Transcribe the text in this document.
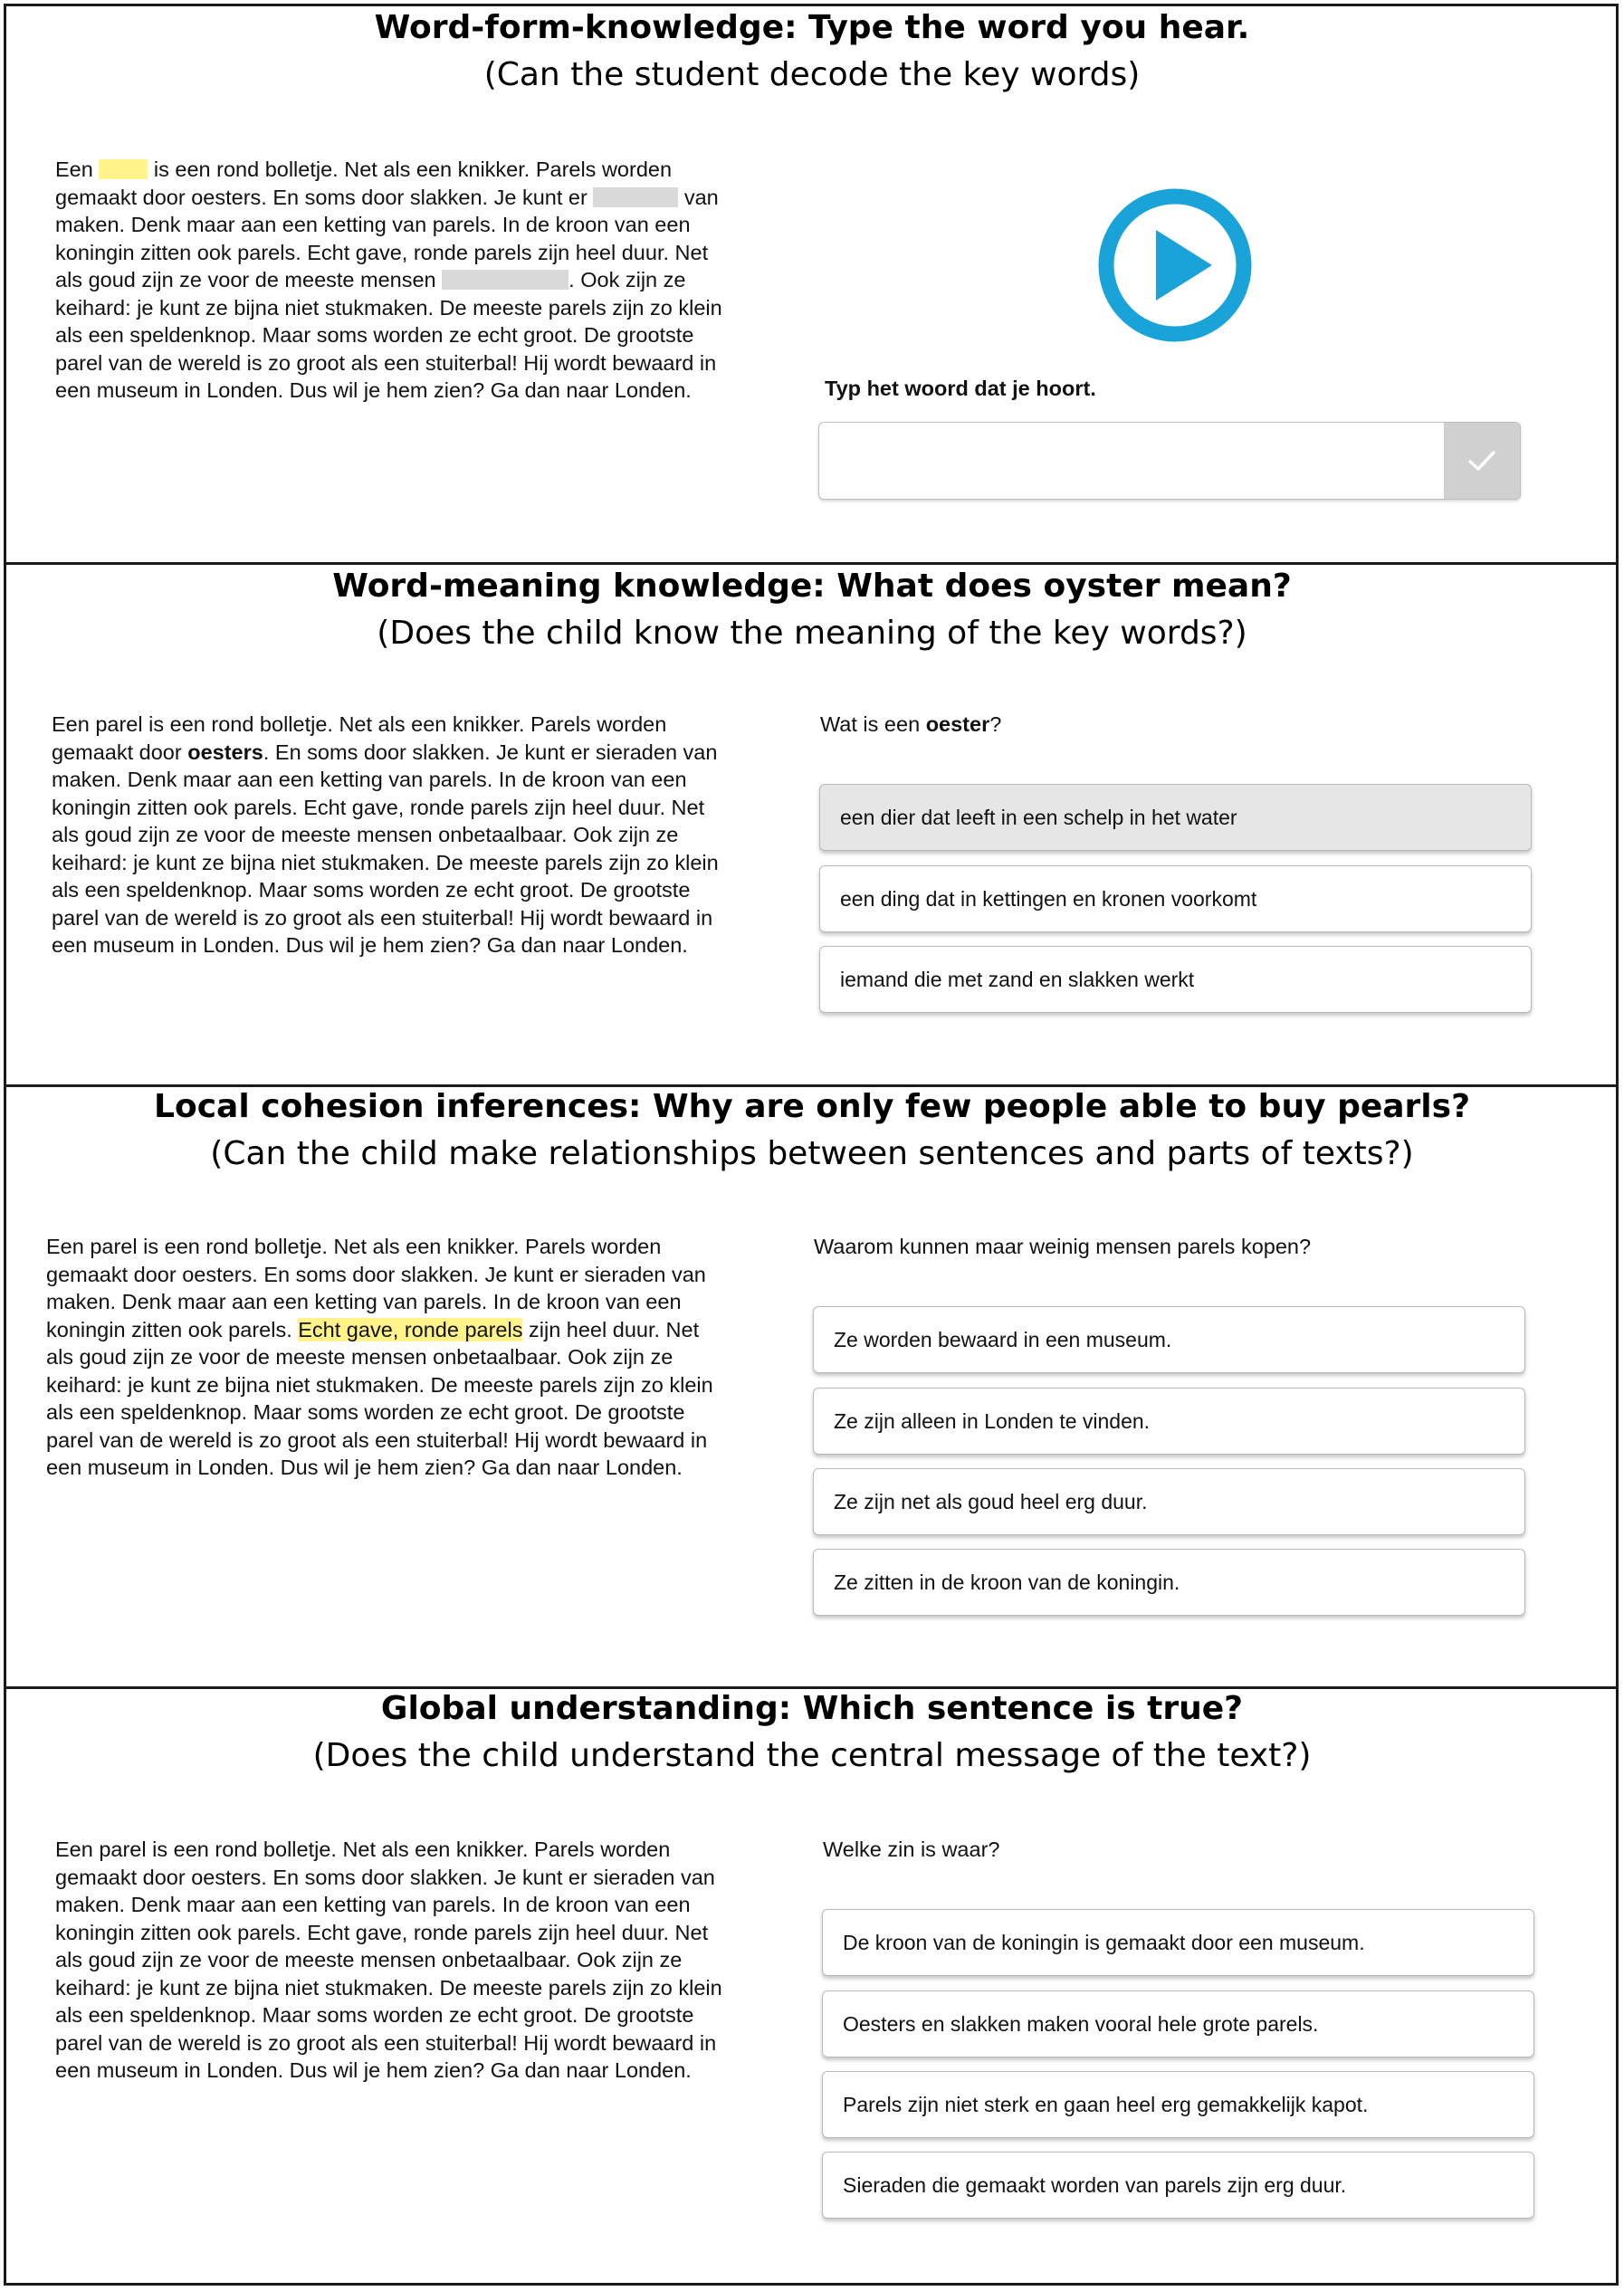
Word-form-knowledge: Type the word you hear.
(Can the student decode the key words)
Een	is een rond bolletje. Net als een knikker. Parels worden
gemaakt door oesters. En soms door slakken. Je kunt er	van
maken. Denk maar aan een ketting van parels. In de kroon van een
koningin zitten ook parels. Echt gave, ronde parels zijn heel duur. Net
als goud zijn ze voor de meeste mensen	. Ook zijn ze
keihard: je kunt ze bijna niet stukmaken. De meeste parels zijn zo klein
als een speldenknop. Maar soms worden ze echt groot. De grootste
parel van de wereld is zo groot als een stuiterbal! Hij wordt bewaard in
een museum in Londen. Dus wil je hem zien? Ga dan naar Londen.	Typ het woord dat je hoort.
Word-meaning knowledge: What does oyster mean?
(Does the child know the meaning of the key words?)
Een parel is een rond bolletje. Net als een knikker. Parels worden
gemaakt door oesters. En soms door slakken. Je kunt er sieraden van
maken. Denk maar aan een ketting van parels. In de kroon van een
koningin zitten ook parels. Echt gave, ronde parels zijn heel duur. Net
als goud zijn ze voor de meeste mensen onbetaalbaar. Ook zijn ze
keihard: je kunt ze bijna niet stukmaken. De meeste parels zijn zo klein
als een speldenknop. Maar soms worden ze echt groot. De grootste
parel van de wereld is zo groot als een stuiterbal! Hij wordt bewaard in
een museum in Londen. Dus wil je hem zien? Ga dan naar Londen.
Wat is een oester?
een dier dat leeft in een schelp in het water
een ding dat in kettingen en kronen voorkomt
iemand die met zand en slakken werkt
Local cohesion inferences: Why are only few people able to buy pearls?
(Can the child make relationships between sentences and parts of texts?)
Een parel is een rond bolletje. Net als een knikker. Parels worden
gemaakt door oesters. En soms door slakken. Je kunt er sieraden van
maken. Denk maar aan een ketting van parels. In de kroon van een
koningin zitten ook parels. Echt gave, ronde parels zijn heel duur. Net
als goud zijn ze voor de meeste mensen onbetaalbaar. Ook zijn ze
keihard: je kunt ze bijna niet stukmaken. De meeste parels zijn zo klein
als een speldenknop. Maar soms worden ze echt groot. De grootste
parel van de wereld is zo groot als een stuiterbal! Hij wordt bewaard in
een museum in Londen. Dus wil je hem zien? Ga dan naar Londen.
Waarom kunnen maar weinig mensen parels kopen?
Ze worden bewaard in een museum.
Ze zijn alleen in Londen te vinden.
Ze zijn net als goud heel erg duur.
Ze zitten in de kroon van de koningin.
Global understanding: Which sentence is true?
(Does the child understand the central message of the text?)
Een parel is een rond bolletje. Net als een knikker. Parels worden
gemaakt door oesters. En soms door slakken. Je kunt er sieraden van
maken. Denk maar aan een ketting van parels. In de kroon van een
koningin zitten ook parels. Echt gave, ronde parels zijn heel duur. Net
als goud zijn ze voor de meeste mensen onbetaalbaar. Ook zijn ze
keihard: je kunt ze bijna niet stukmaken. De meeste parels zijn zo klein
als een speldenknop. Maar soms worden ze echt groot. De grootste
parel van de wereld is zo groot als een stuiterbal! Hij wordt bewaard in
een museum in Londen. Dus wil je hem zien? Ga dan naar Londen.
Welke zin is waar?
De kroon van de koningin is gemaakt door een museum.
Oesters en slakken maken vooral hele grote parels.
Parels zijn niet sterk en gaan heel erg gemakkelijk kapot.
Sieraden die gemaakt worden van parels zijn erg duur.
